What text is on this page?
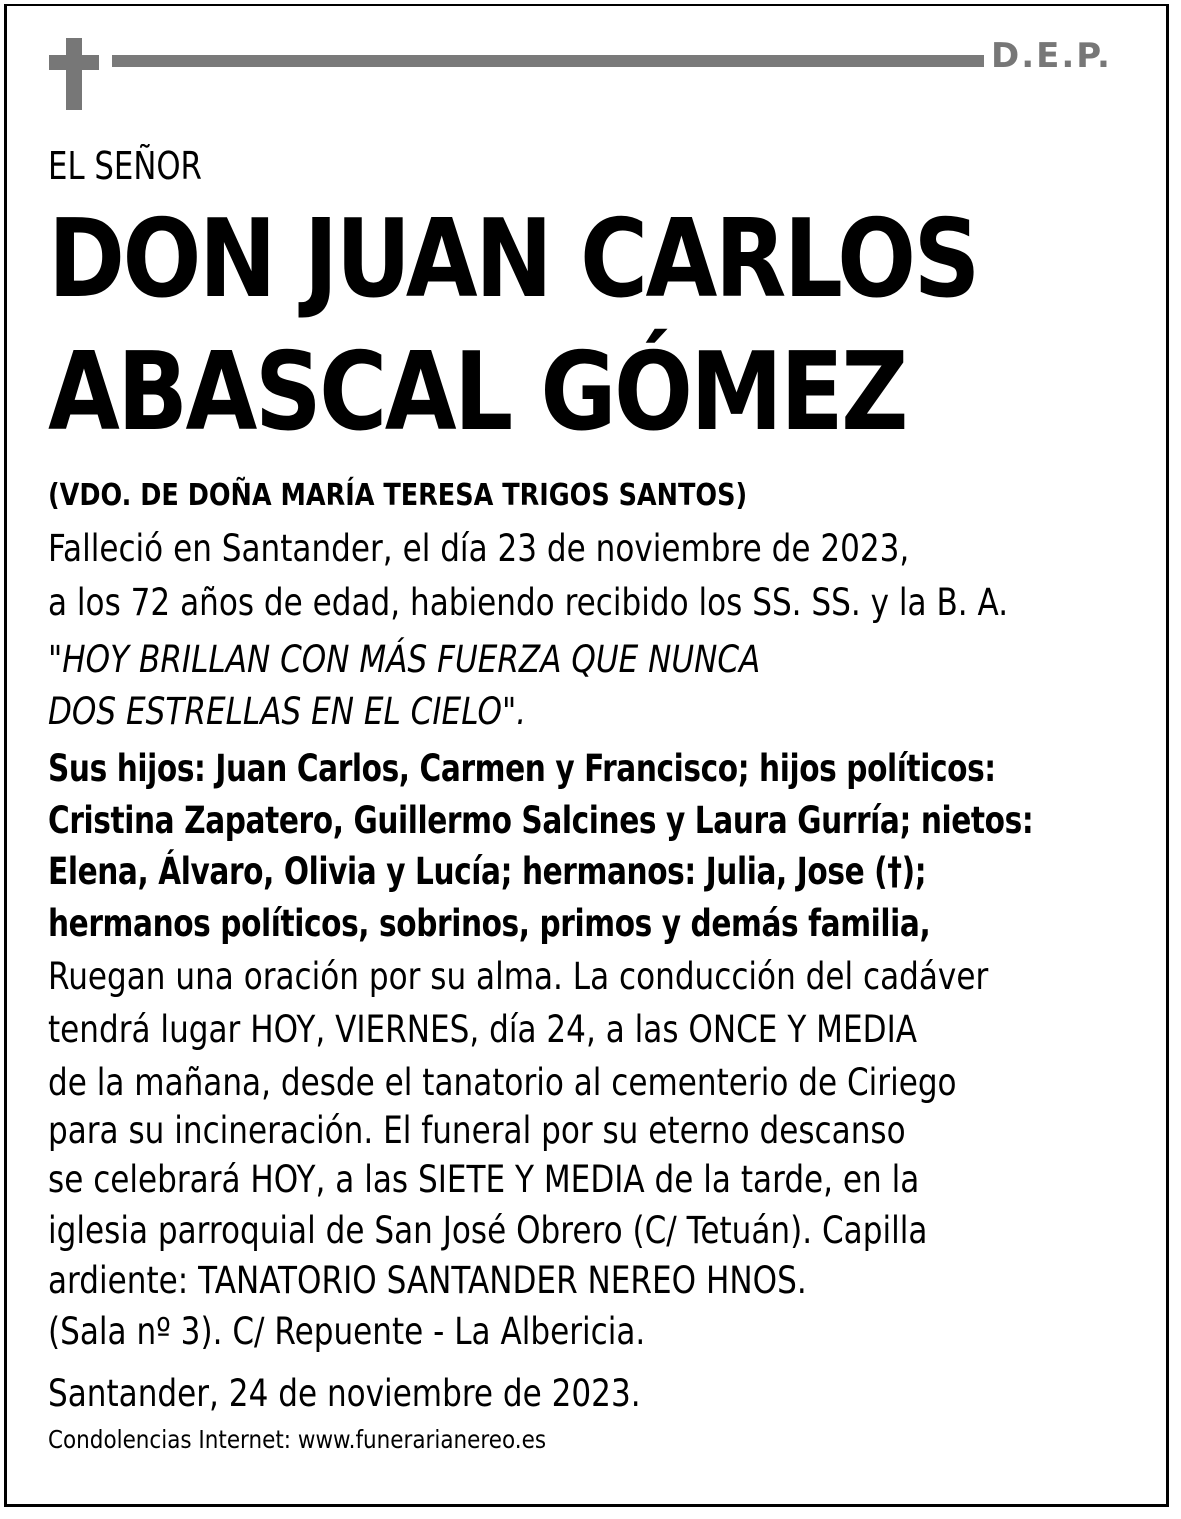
D.E.P.
EL SEÑOR
DON JUAN CARLOS
ABASCAL GÓMEZ
(VDO. DE DOÑA MARÍA TERESA TRIGOS SANTOS)
Falleció en Santander, el día 23 de noviembre de 2023,
a los 72 años de edad, habiendo recibido los SS. SS. y la B. A.
"HOY BRILLAN CON MÁS FUERZA QUE NUNCA
DOS ESTRELLAS EN EL CIELO".
Sus hijos: Juan Carlos, Carmen y Francisco; hijos políticos:
Cristina Zapatero, Guillermo Salcines y Laura Gurría; nietos:
Elena, Álvaro, Olivia y Lucía; hermanos: Julia, Jose (†);
hermanos políticos, sobrinos, primos y demás familia,
Ruegan una oración por su alma. La conducción del cadáver
tendrá lugar HOY, VIERNES, día 24, a las ONCE Y MEDIA
de la mañana, desde el tanatorio al cementerio de Ciriego
para su incineración. El funeral por su eterno descanso
se celebrará HOY, a las SIETE Y MEDIA de la tarde, en la
iglesia parroquial de San José Obrero (C/ Tetuán). Capilla
ardiente: TANATORIO SANTANDER NEREO HNOS.
(Sala nº 3). C/ Repuente - La Albericia.
Santander, 24 de noviembre de 2023.
Condolencias Internet: www.funerarianereo.es
